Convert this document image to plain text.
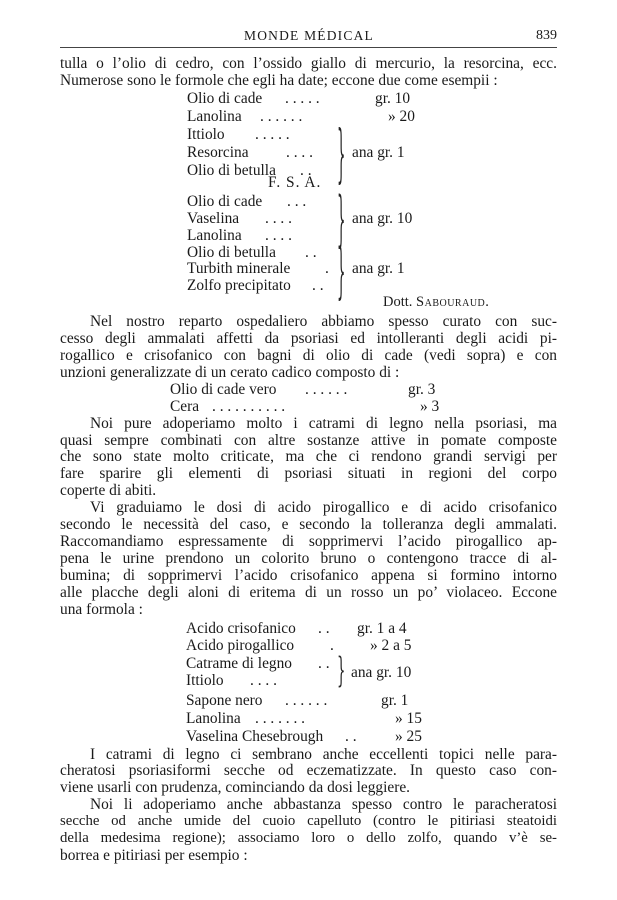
MONDE MÉDICAL	839
tulla o l’olio di cedro, con l’ossido giallo di mercurio, la resorcina, ecc.
Numerose sono le formole che egli ha date; eccone due come esempii :
Olio di cade . . . . .	gr. 10
Lanolina . . . . . .	» 20
Ittiolo . . . . .
Resorcina . . . .
Olio di betulla . . } ana gr. 1
F. S. A.
Olio di cade . . .
Vaselina . . . .
Lanolina . . . . } ana gr. 10
Olio di betulla . .
Turbith minerale .
Zolfo precipitato . . } ana gr. 1
Dott. Sabouraud.
Nel nostro reparto ospedaliero abbiamo spesso curato con suc-
cesso degli ammalati affetti da psoriasi ed intolleranti degli acidi pi-
rogallico e crisofanico con bagni di olio di cade (vedi sopra) e con
unzioni generalizzate di un cerato cadico composto di :
Olio di cade vero . . . . . .	gr. 3
Cera . . . . . . . . . .	» 3
Noi pure adoperiamo molto i catrami di legno nella psoriasi, ma
quasi sempre combinati con altre sostanze attive in pomate composte
che sono state molto criticate, ma che ci rendono grandi servigi per
fare sparire gli elementi di psoriasi situati in regioni del corpo
coperte di abiti.
Vi graduiamo le dosi di acido pirogallico e di acido crisofanico
secondo le necessità del caso, e secondo la tolleranza degli ammalati.
Raccomandiamo espressamente di sopprimervi l’acido pirogallico ap-
pena le urine prendono un colorito bruno o contengono tracce di al-
bumina; di sopprimervi l’acido crisofanico appena si formino intorno
alle placche degli aloni di eritema di un rosso un po’ violaceo. Eccone
una formola :
Acido crisofanico . . gr. 1 a 4
Acido pirogallico . » 2 a 5
Catrame di legno . .
Ittiolo . . . .	} ana gr. 10
Sapone nero . . . . . .	gr. 1
Lanolina . . . . . . .	» 15
Vaselina Chesebrough . . » 25
I catrami di legno ci sembrano anche eccellenti topici nelle para-
cheratosi psoriasiformi secche od eczematizzate. In questo caso con-
viene usarli con prudenza, cominciando da dosi leggiere.
Noi li adoperiamo anche abbastanza spesso contro le paracheratosi
secche od anche umide del cuoio capelluto (contro le pitiriasi steatoidi
della medesima regione); associamo loro o dello zolfo, quando v’è se-
borrea e pitiriasi per esempio :
